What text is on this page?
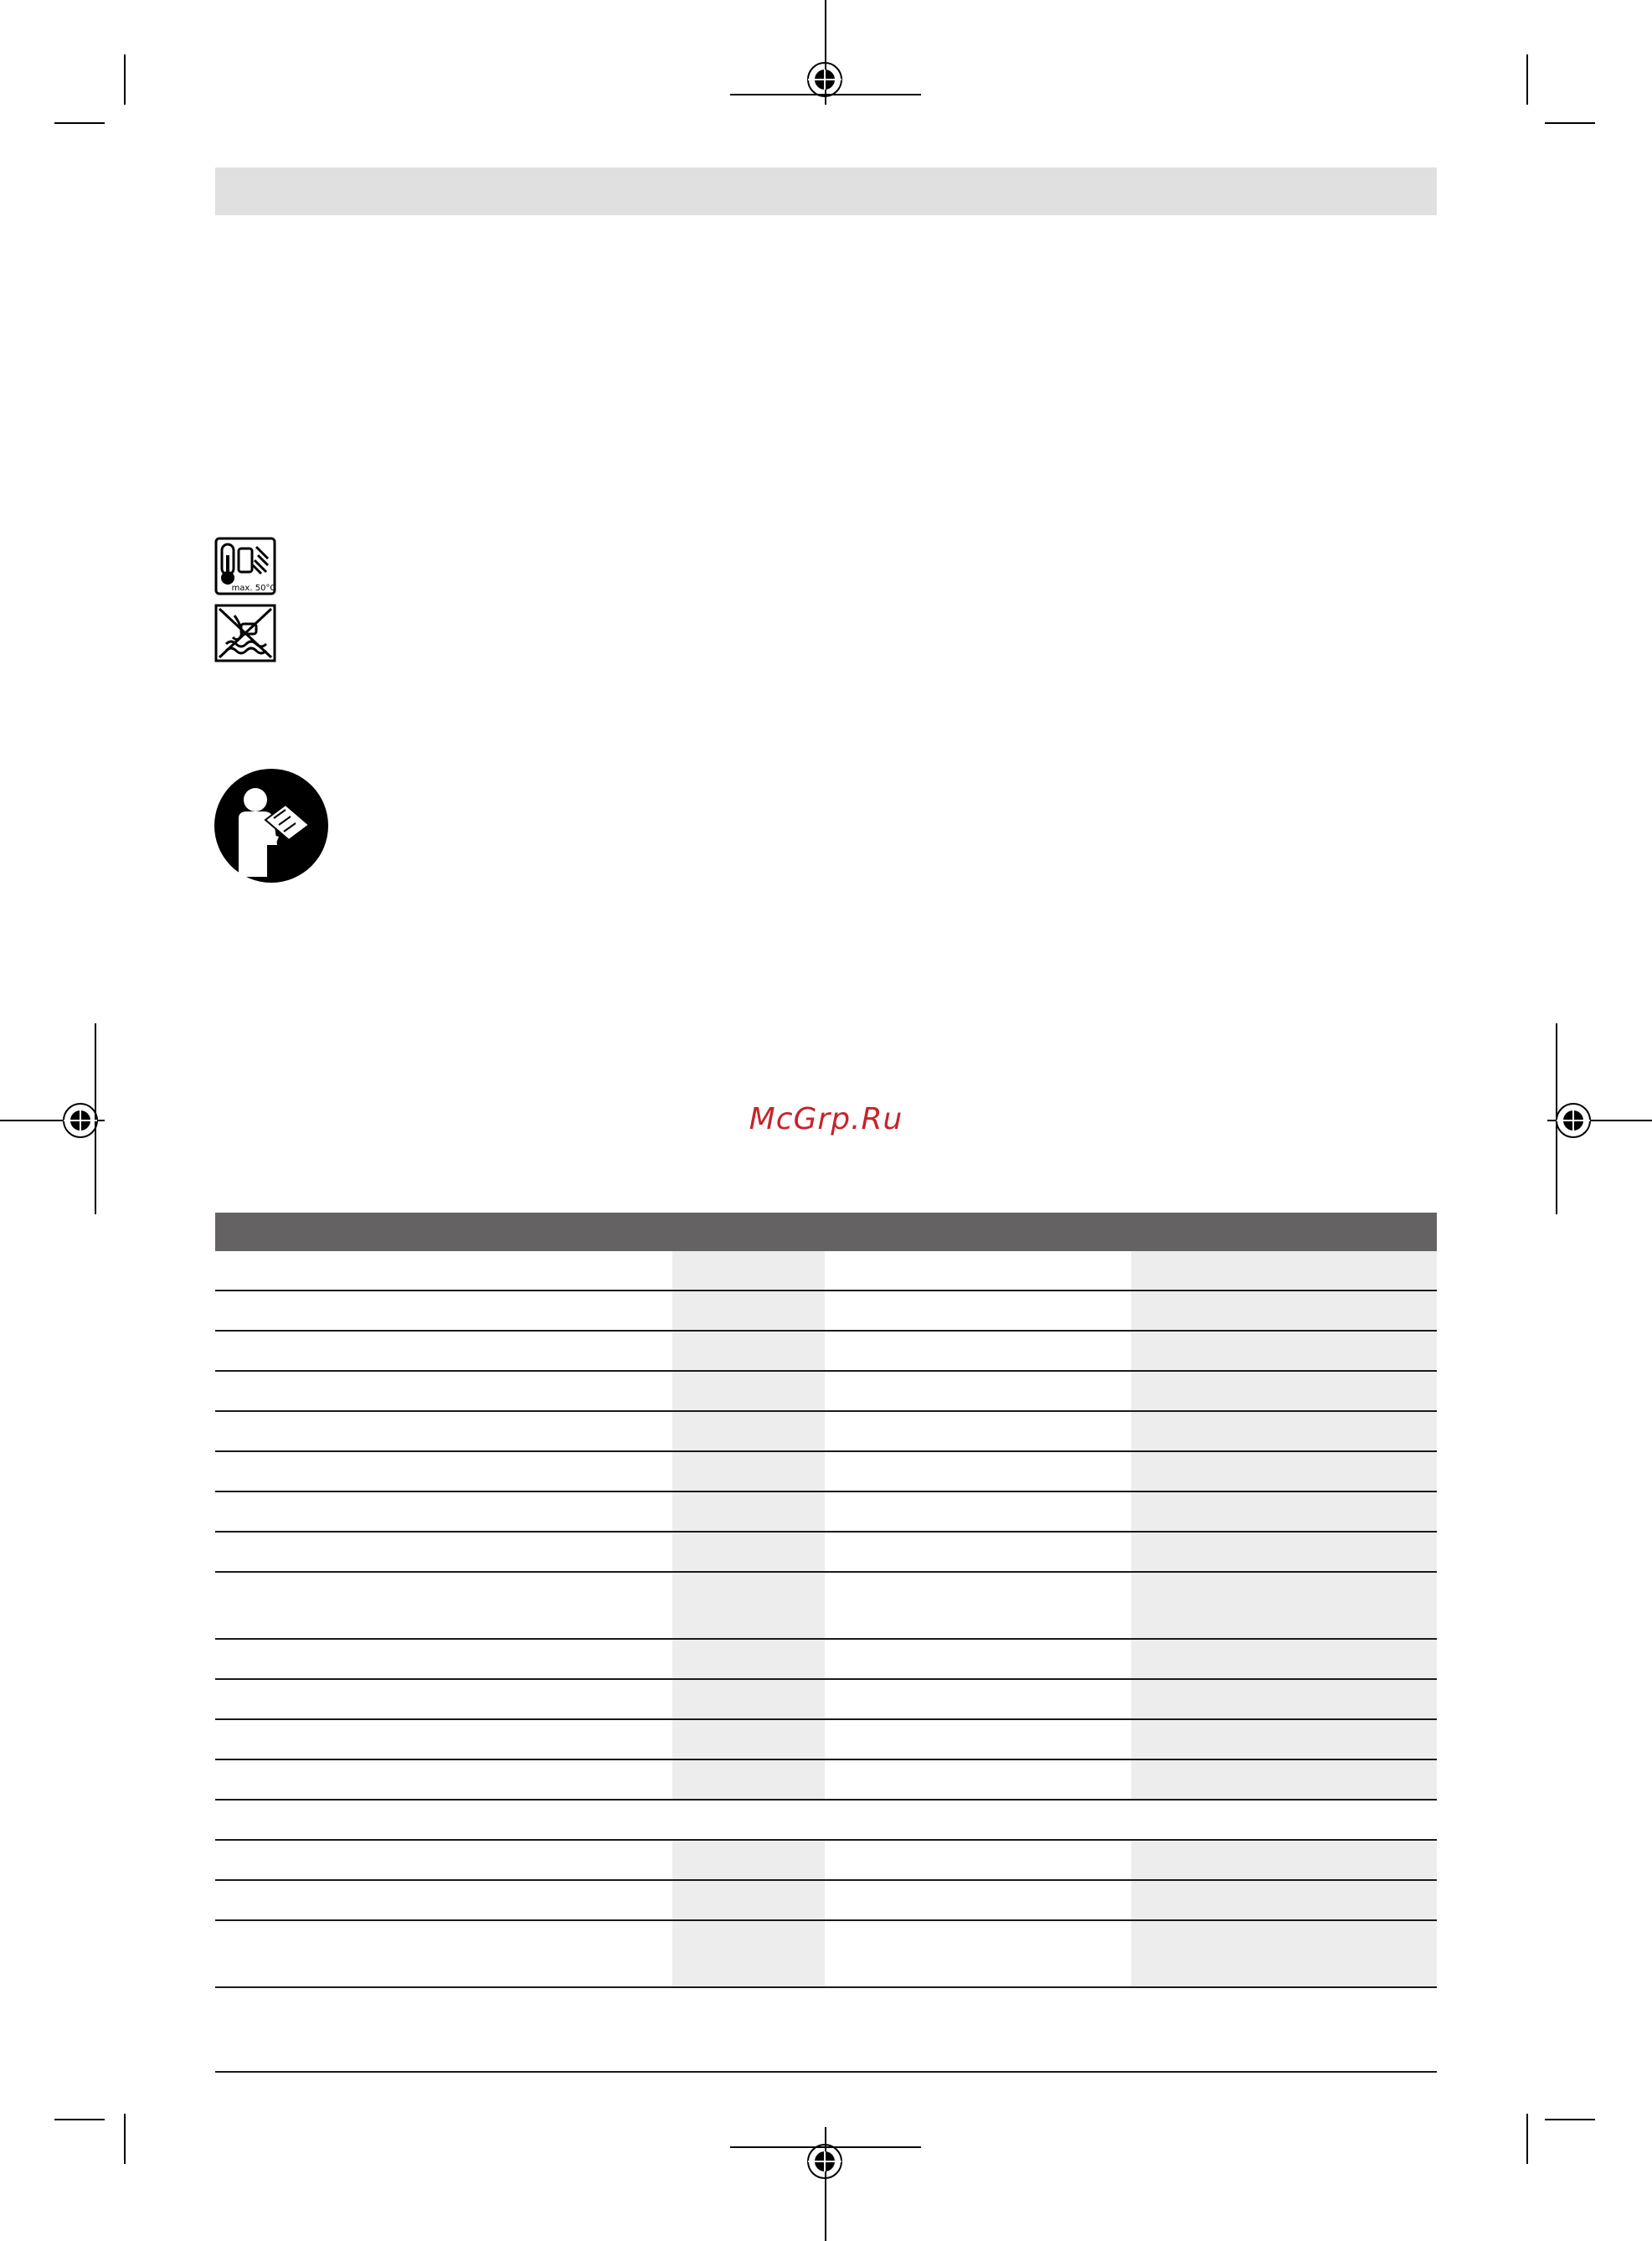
max. 50°C
McGrp.Ru
